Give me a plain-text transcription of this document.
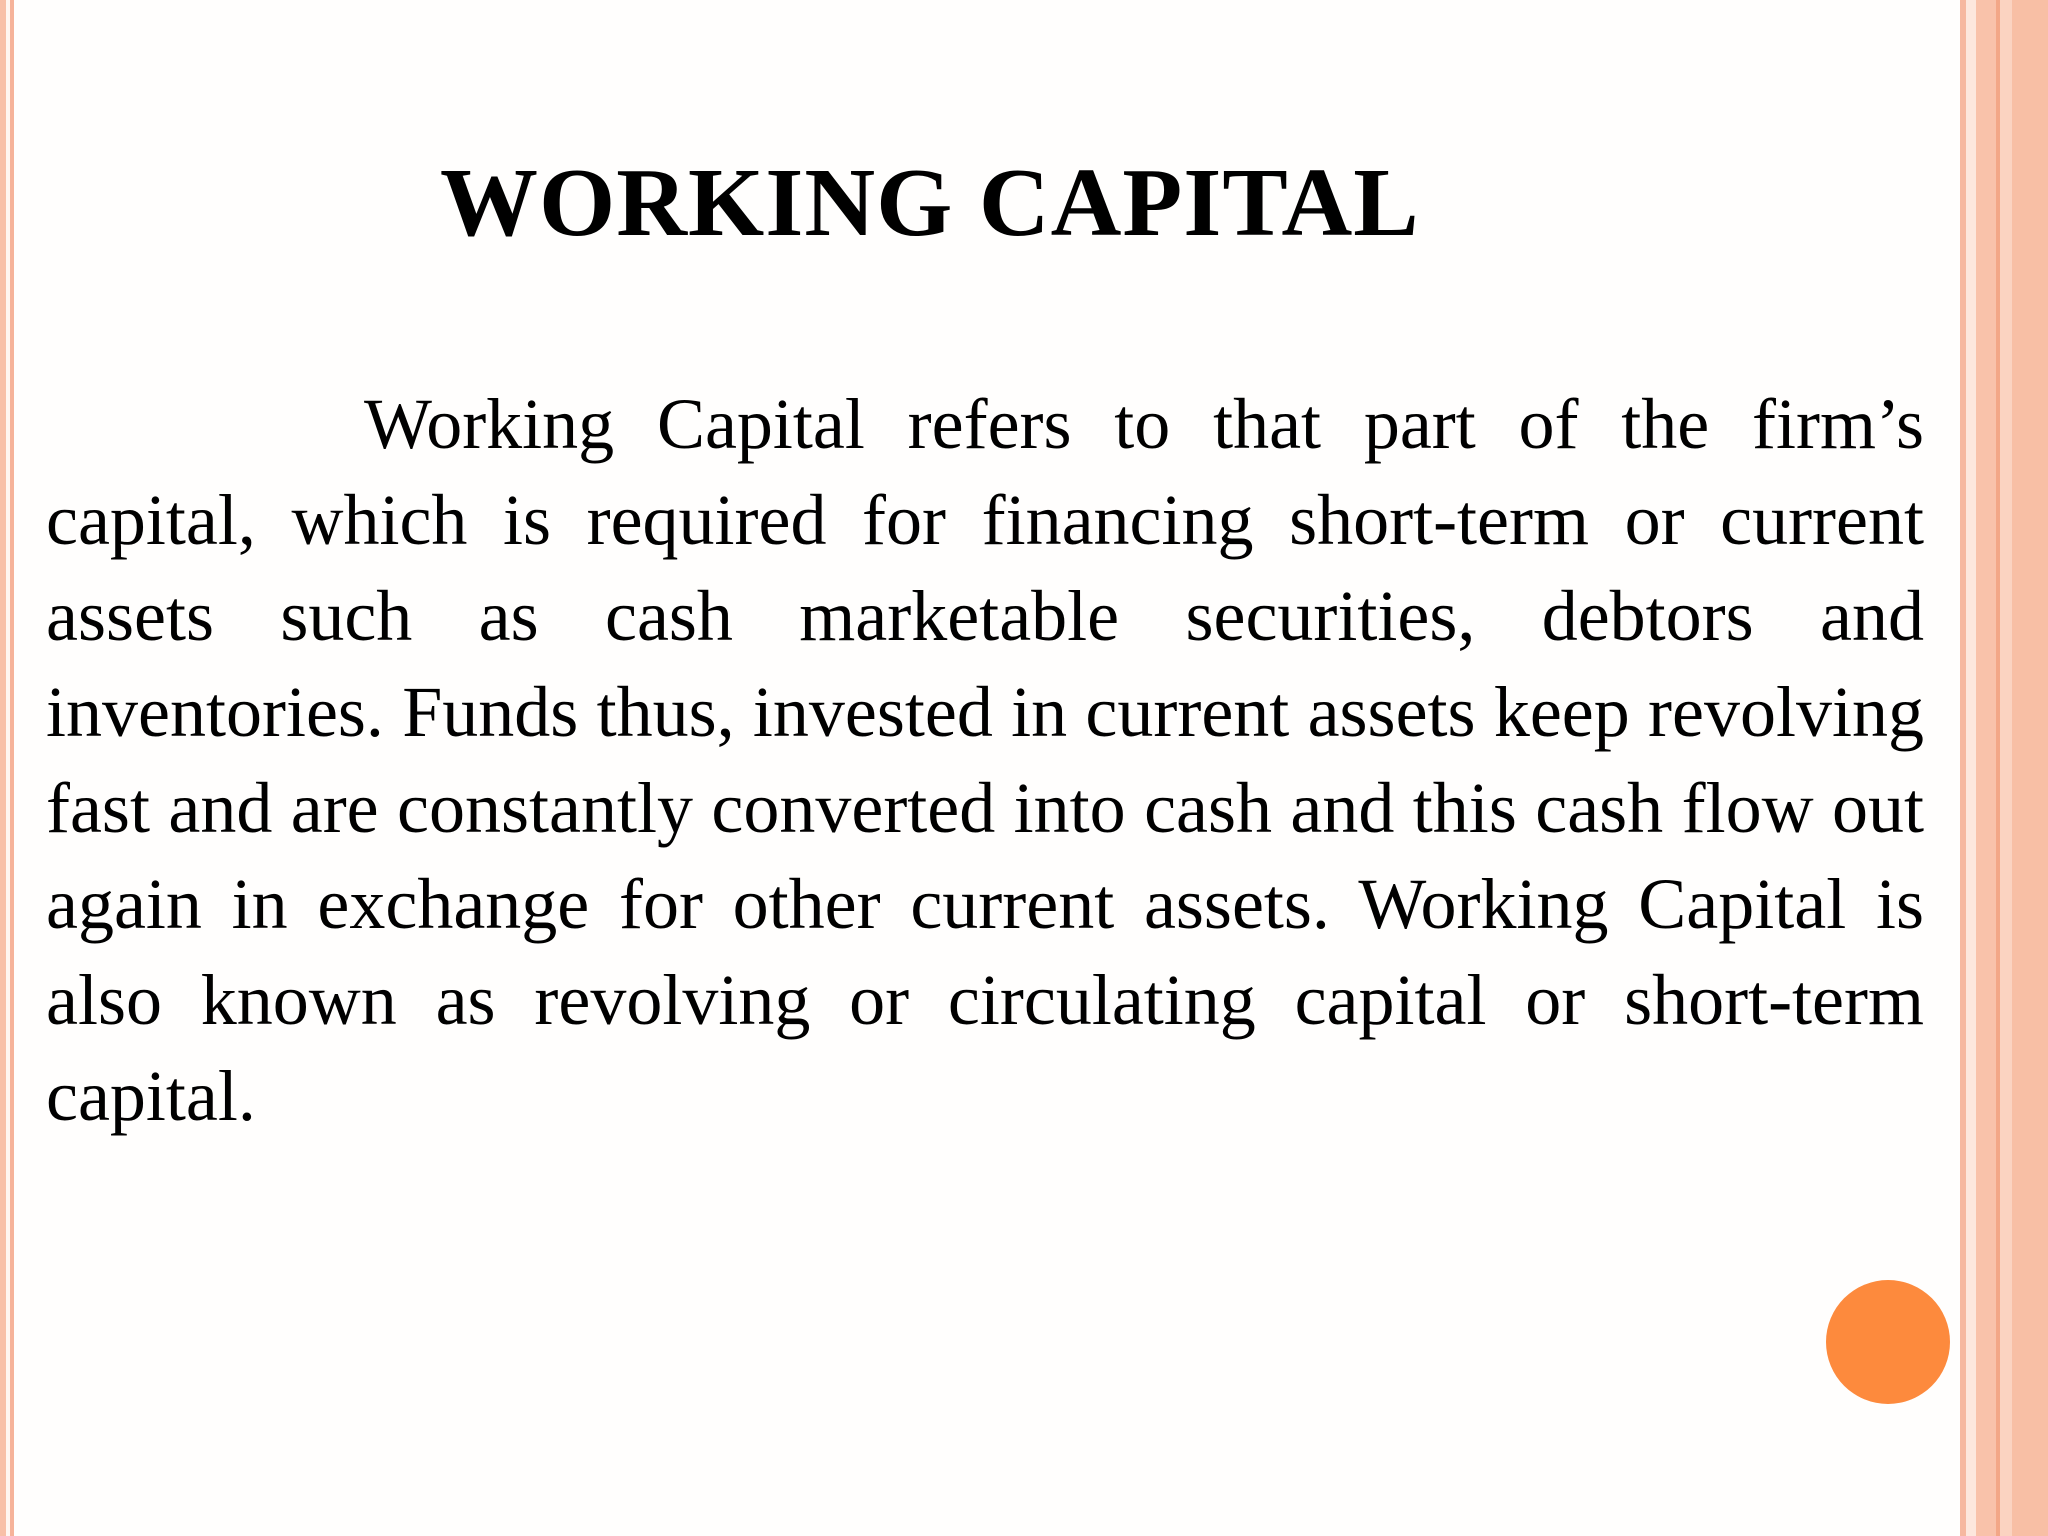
WORKING CAPITAL

Working Capital refers to that part of the firm’s capital, which is required for financing short-term or current assets such as cash marketable securities, debtors and inventories. Funds thus, invested in current assets keep revolving fast and are constantly converted into cash and this cash flow out again in exchange for other current assets. Working Capital is also known as revolving or circulating capital or short-term capital.
